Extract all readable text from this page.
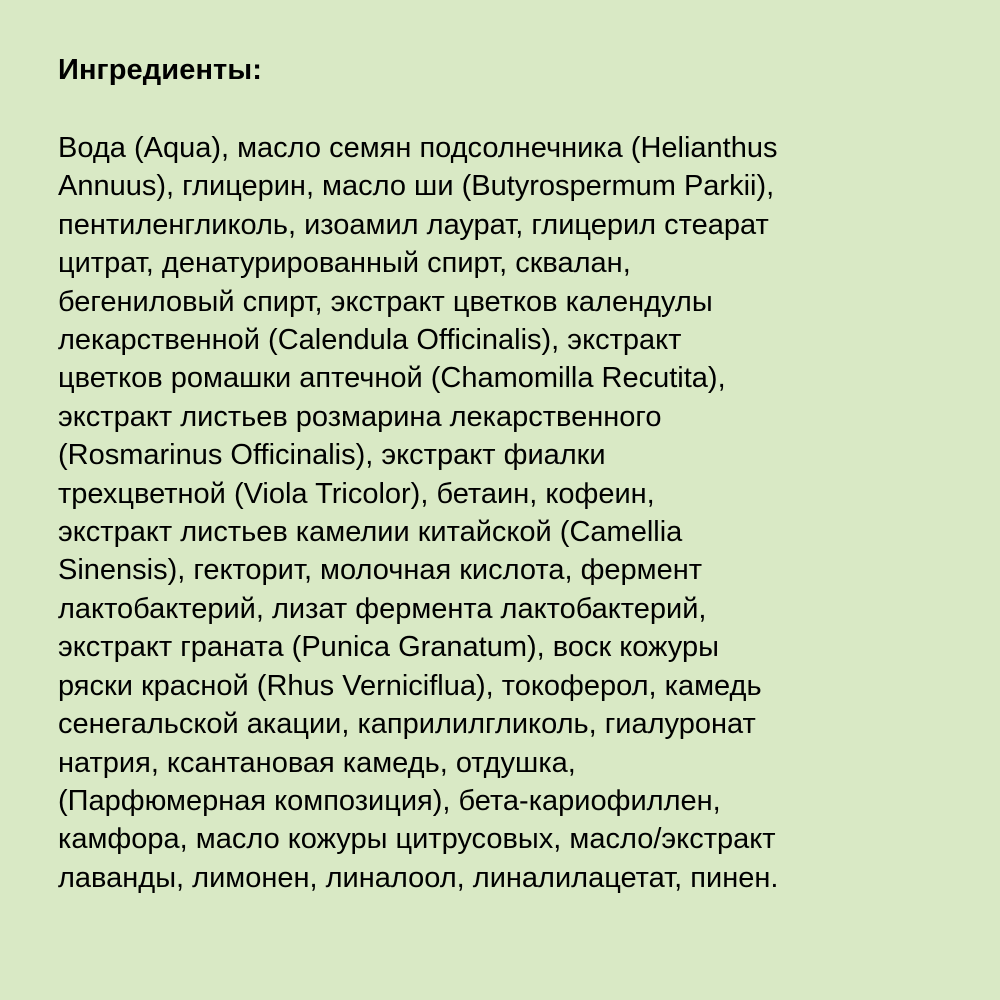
Ингредиенты:
Вода (Aqua), масло семян подсолнечника (Helianthus
Annuus), глицерин, масло ши (Butyrospermum Parkii),
пентиленгликоль, изоамил лаурат, глицерил стеарат
цитрат, денатурированный спирт, сквалан,
бегениловый спирт, экстракт цветков календулы
лекарственной (Calendula Officinalis), экстракт
цветков ромашки аптечной (Chamomilla Recutita),
экстракт листьев розмарина лекарственного
(Rosmarinus Officinalis), экстракт фиалки
трехцветной (Viola Tricolor), бетаин, кофеин,
экстракт листьев камелии китайской (Camellia
Sinensis), гекторит, молочная кислота, фермент
лактобактерий, лизат фермента лактобактерий,
экстракт граната (Punica Granatum), воск кожуры
ряски красной (Rhus Verniciflua), токоферол, камедь
сенегальской акации, каприлилгликоль, гиалуронат
натрия, ксантановая камедь, отдушка,
(Парфюмерная композиция), бета-кариофиллен,
камфора, масло кожуры цитрусовых, масло/экстракт
лаванды, лимонен, линалоол, линалилацетат, пинен.
